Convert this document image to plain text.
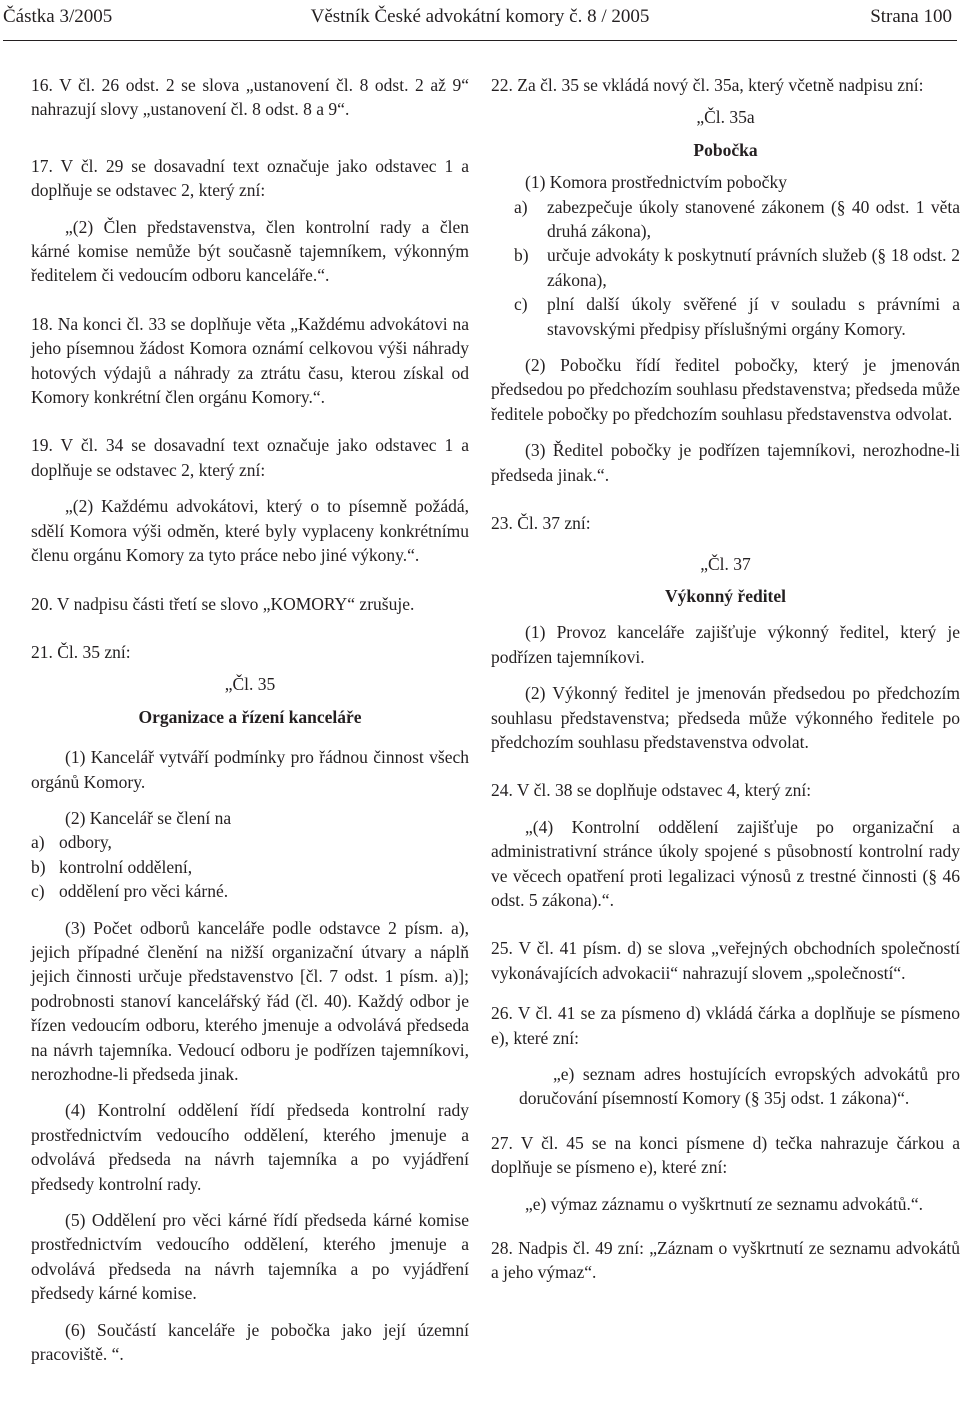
Věstník České advokátní komory č. 8 / 2005
Částka 3/2005	Strana 100

16. V čl. 26 odst. 2 se slova „ustanovení čl. 8 odst. 2 až 9“ nahrazují slovy „ustanovení čl. 8 odst. 8 a 9“.

17. V čl. 29 se dosavadní text označuje jako odstavec 1 a doplňuje se odstavec 2, který zní:

„(2) Člen představenstva, člen kontrolní rady a člen kárné komise nemůže být současně tajemníkem, výkonným ředitelem či vedoucím odboru kanceláře.“.

18. Na konci čl. 33 se doplňuje věta „Každému advokátovi na jeho písemnou žádost Komora oznámí celkovou výši náhrady hotových výdajů a náhrady za ztrátu času, kterou získal od Komory konkrétní člen orgánu Komory.“.

19. V čl. 34 se dosavadní text označuje jako odstavec 1 a doplňuje se odstavec 2, který zní:

„(2) Každému advokátovi, který o to písemně požádá, sdělí Komora výši odměn, které byly vyplaceny konkrétnímu členu orgánu Komory za tyto práce nebo jiné výkony.“.

20. V nadpisu části třetí se slovo „KOMORY“ zrušuje.

21. Čl. 35 zní:

„Čl. 35

Organizace a řízení kanceláře

(1) Kancelář vytváří podmínky pro řádnou činnost všech orgánů Komory.

(2) Kancelář se člení na

a) odbory,

b) kontrolní oddělení,

c) oddělení pro věci kárné.

(3) Počet odborů kanceláře podle odstavce 2 písm. a), jejich případné členění na nižší organizační útvary a náplň jejich činnosti určuje představenstvo [čl. 7 odst. 1 písm. a)]; podrobnosti stanoví kancelářský řád (čl. 40). Každý odbor je řízen vedoucím odboru, kterého jmenuje a odvolává předseda na návrh tajemníka. Vedoucí odboru je podřízen tajemníkovi, nerozhodne-li předseda jinak.

(4) Kontrolní oddělení řídí předseda kontrolní rady prostřednictvím vedoucího oddělení, kterého jmenuje a odvolává předseda na návrh tajemníka a po vyjádření předsedy kontrolní rady.

(5) Oddělení pro věci kárné řídí předseda kárné komise prostřednictvím vedoucího oddělení, kterého jmenuje a odvolává předseda na návrh tajemníka a po vyjádření předsedy kárné komise.

(6) Součástí kanceláře je pobočka jako její územní pracoviště. “.

22. Za čl. 35 se vkládá nový čl. 35a, který včetně nadpisu zní:

„Čl. 35a

Pobočka

(1) Komora prostřednictvím pobočky

a) zabezpečuje úkoly stanovené zákonem (§ 40 odst. 1 věta druhá zákona),

b) určuje advokáty k poskytnutí právních služeb (§ 18 odst. 2 zákona),

c) plní další úkoly svěřené jí v souladu s právními a stavovskými předpisy příslušnými orgány Komory.

(2) Pobočku řídí ředitel pobočky, který je jmenován předsedou po předchozím souhlasu představenstva; předseda může ředitele pobočky po předchozím souhlasu představenstva odvolat.

(3) Ředitel pobočky je podřízen tajemníkovi, nerozhodne-li předseda jinak.“.

23. Čl. 37 zní:

„Čl. 37

Výkonný ředitel

(1) Provoz kanceláře zajišťuje výkonný ředitel, který je podřízen tajemníkovi.

(2) Výkonný ředitel je jmenován předsedou po předchozím souhlasu představenstva; předseda může výkonného ředitele po předchozím souhlasu představenstva odvolat.

24. V čl. 38 se doplňuje odstavec 4, který zní:

„(4) Kontrolní oddělení zajišťuje po organizační a administrativní stránce úkoly spojené s působností kontrolní rady ve věcech opatření proti legalizaci výnosů z trestné činnosti (§ 46 odst. 5 zákona).“.

25. V čl. 41 písm. d) se slova „veřejných obchodních společností vykonávajících advokacii“ nahrazují slovem „společností“.

26. V čl. 41 se za písmeno d) vkládá čárka a doplňuje se písmeno e), které zní:

„e) seznam adres hostujících evropských advokátů pro doručování písemností Komory (§ 35j odst. 1 zákona)“.

27. V čl. 45 se na konci písmene d) tečka nahrazuje čárkou a doplňuje se písmeno e), které zní:

„e) výmaz záznamu o vyškrtnutí ze seznamu advokátů.“.

28. Nadpis čl. 49 zní: „Záznam o vyškrtnutí ze seznamu advokátů a jeho výmaz“.
